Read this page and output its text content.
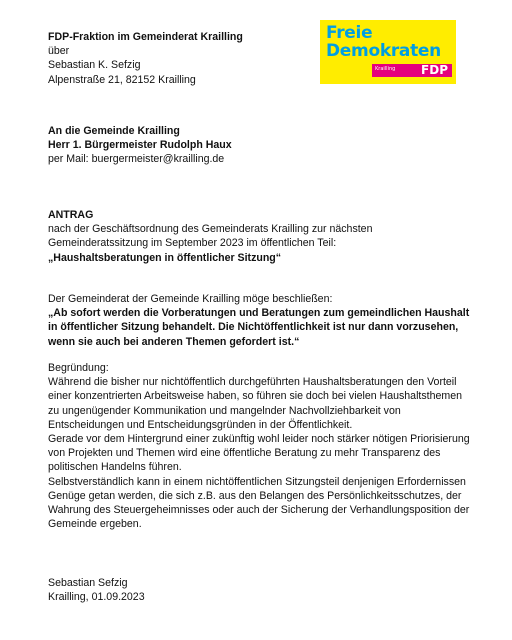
FDP-Fraktion im Gemeinderat Krailling
über
Sebastian K. Sefzig
Alpenstraße 21, 82152 Krailling
Freie
Demokraten
Krailling FDP
An die Gemeinde Krailling
Herr 1. Bürgermeister Rudolph Haux
per Mail: buergermeister@krailling.de
ANTRAG
nach der Geschäftsordnung des Gemeinderats Krailling zur nächsten
Gemeinderatssitzung im September 2023 im öffentlichen Teil:
„Haushaltsberatungen in öffentlicher Sitzung“
Der Gemeinderat der Gemeinde Krailling möge beschließen:
„Ab sofort werden die Vorberatungen und Beratungen zum gemeindlichen Haushalt
in öffentlicher Sitzung behandelt. Die Nichtöffentlichkeit ist nur dann vorzusehen,
wenn sie auch bei anderen Themen gefordert ist.“
Begründung:
Während die bisher nur nichtöffentlich durchgeführten Haushaltsberatungen den Vorteil
einer konzentrierten Arbeitsweise haben, so führen sie doch bei vielen Haushaltsthemen
zu ungenügender Kommunikation und mangelnder Nachvollziehbarkeit von
Entscheidungen und Entscheidungsgründen in der Öffentlichkeit.
Gerade vor dem Hintergrund einer zukünftig wohl leider noch stärker nötigen Priorisierung
von Projekten und Themen wird eine öffentliche Beratung zu mehr Transparenz des
politischen Handelns führen.
Selbstverständlich kann in einem nichtöffentlichen Sitzungsteil denjenigen Erfordernissen
Genüge getan werden, die sich z.B. aus den Belangen des Persönlichkeitsschutzes, der
Wahrung des Steuergeheimnisses oder auch der Sicherung der Verhandlungsposition der
Gemeinde ergeben.
Sebastian Sefzig
Krailling, 01.09.2023
